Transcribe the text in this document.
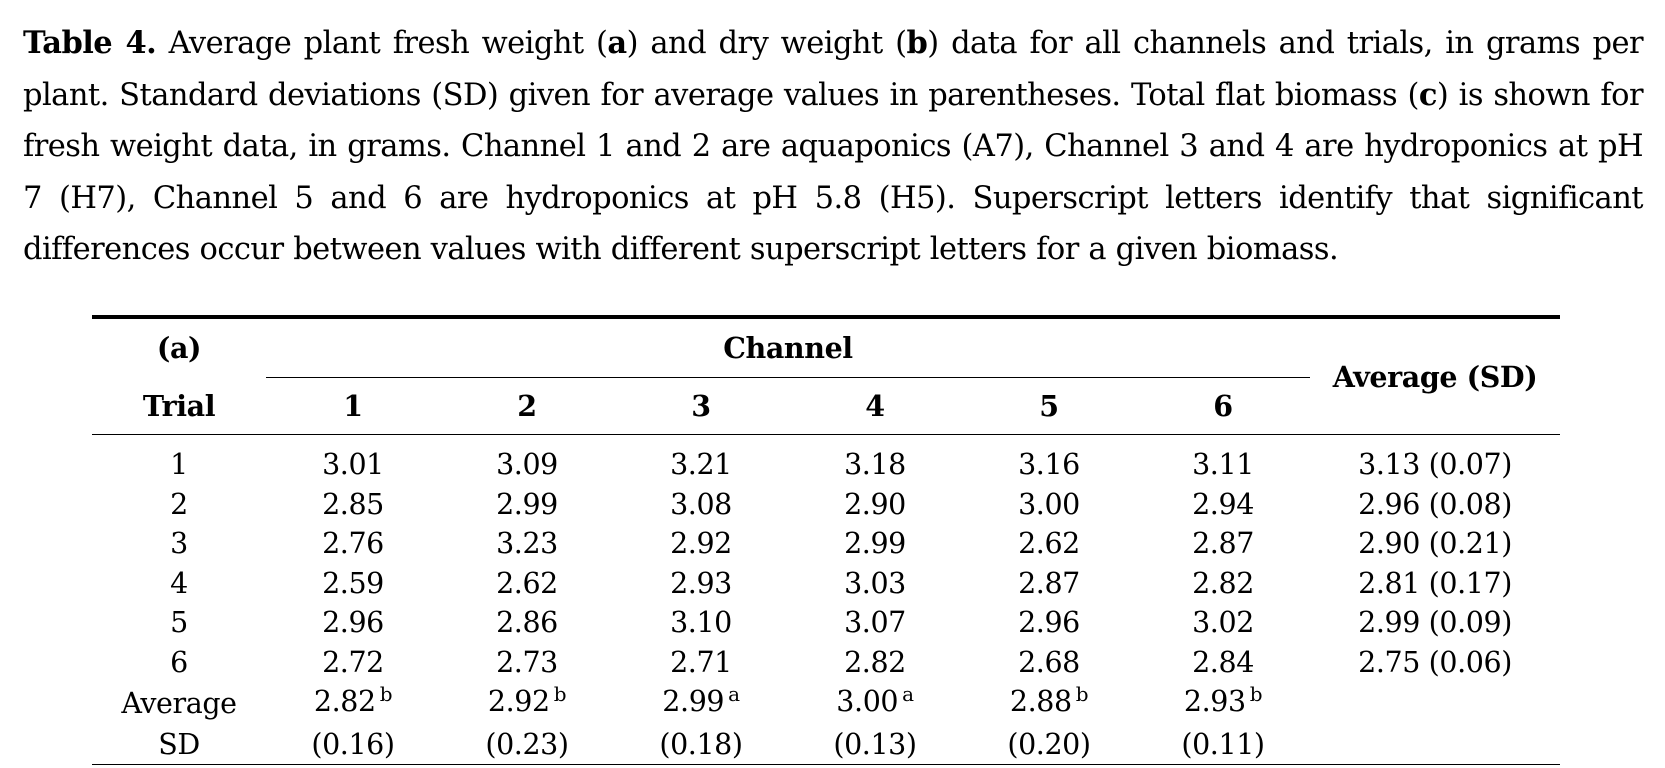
Table 4. Average plant fresh weight (a) and dry weight (b) data for all channels and trials, in grams per plant. Standard deviations (SD) given for average values in parentheses. Total flat biomass (c) is shown for fresh weight data, in grams. Channel 1 and 2 are aquaponics (A7), Channel 3 and 4 are hydroponics at pH 7 (H7), Channel 5 and 6 are hydroponics at pH 5.8 (H5). Superscript letters identify that significant differences occur between values with different superscript letters for a given biomass.
(a)	Channel						Average (SD)
Trial	1	2	3	4	5	6	
1	3.01	3.09	3.21	3.18	3.16	3.11	3.13 (0.07)
2	2.85	2.99	3.08	2.90	3.00	2.94	2.96 (0.08)
3	2.76	3.23	2.92	2.99	2.62	2.87	2.90 (0.21)
4	2.59	2.62	2.93	3.03	2.87	2.82	2.81 (0.17)
5	2.96	2.86	3.10	3.07	2.96	3.02	2.99 (0.09)
6	2.72	2.73	2.71	2.82	2.68	2.84	2.75 (0.06)
Average	2.82 $^b$	2.92 $^b$	2.99 $^a$	3.00 $^a$	2.88 $^b$	2.93 $^b$	
SD	(0.16)	(0.23)	(0.18)	(0.13)	(0.20)	(0.11)	
